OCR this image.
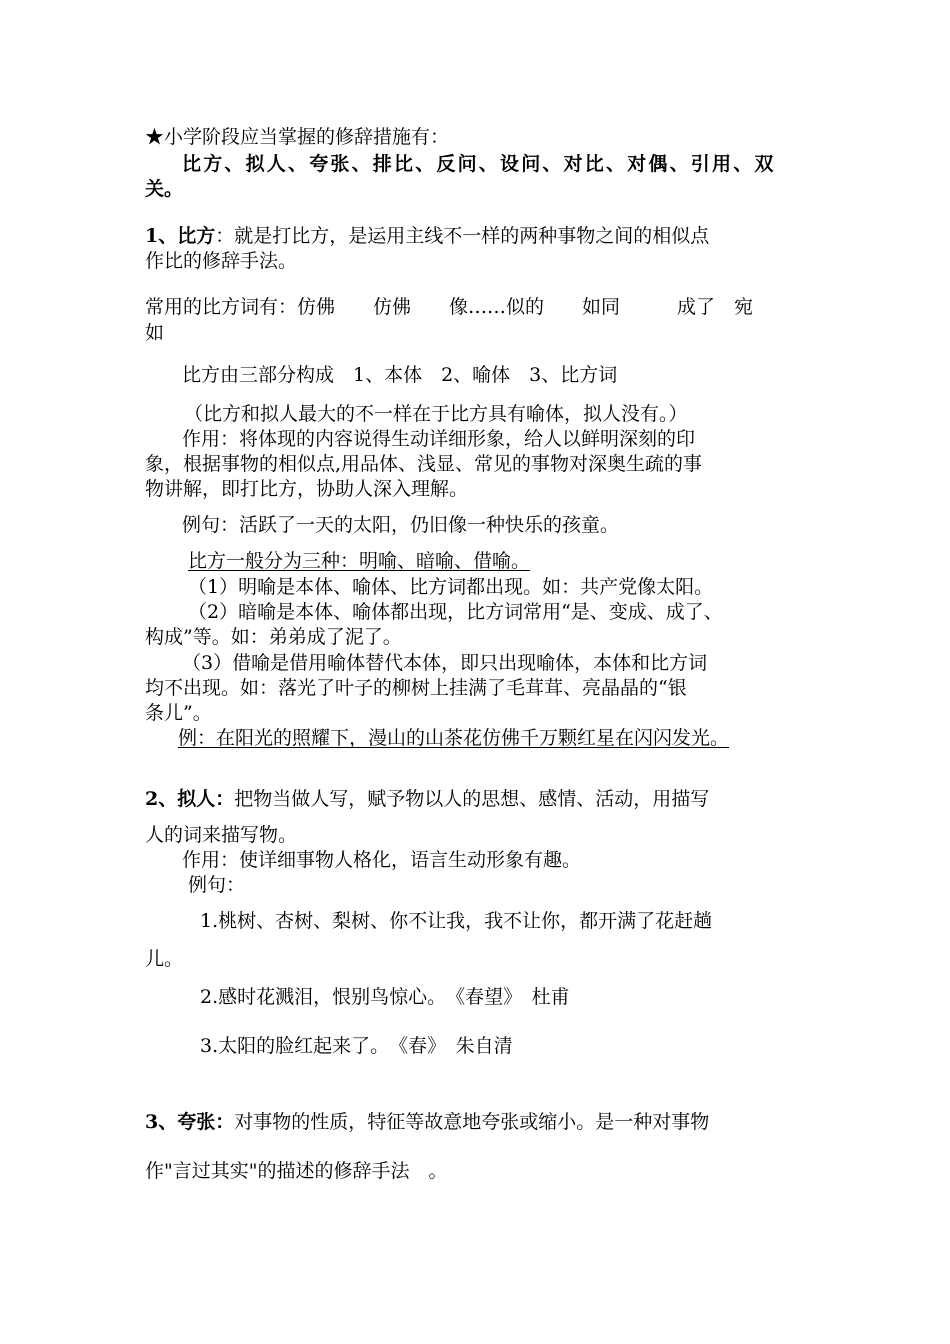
★小学阶段应当掌握的修辞措施有：
比方、拟人、夸张、排比、反问、设问、对比、对偶、引用、双
关。
1、比方：就是打比方，是运用主线不一样的两种事物之间的相似点
作比的修辞手法。
常用的比方词有：仿佛　　仿佛　　像……似的　　如同　　　成了　宛
如
比方由三部分构成　1、本体　2、喻体　3、比方词
（比方和拟人最大的不一样在于比方具有喻体，拟人没有。）
作用：将体现的内容说得生动详细形象，给人以鲜明深刻的印
象，根据事物的相似点,用品体、浅显、常见的事物对深奥生疏的事
物讲解，即打比方，协助人深入理解。
例句：活跃了一天的太阳，仍旧像一种快乐的孩童。
比方一般分为三种：明喻、暗喻、借喻。
（1）明喻是本体、喻体、比方词都出现。如：共产党像太阳。
（2）暗喻是本体、喻体都出现，比方词常用“是、变成、成了、
构成”等。如：弟弟成了泥了。
（3）借喻是借用喻体替代本体，即只出现喻体，本体和比方词
均不出现。如：落光了叶子的柳树上挂满了毛茸茸、亮晶晶的“银
条儿”。
例：在阳光的照耀下，漫山的山茶花仿佛千万颗红星在闪闪发光。
2、拟人：把物当做人写，赋予物以人的思想、感情、活动，用描写
人的词来描写物。
作用：使详细事物人格化，语言生动形象有趣。
例句：
1.桃树、杏树、梨树、你不让我，我不让你，都开满了花赶趟
儿。
2.感时花溅泪，恨别鸟惊心。　《春望》　杜甫
3.太阳的脸红起来了。　《春》　朱自清
3、夸张：对事物的性质，特征等故意地夸张或缩小。是一种对事物
作"言过其实"的描述的修辞手法　。
